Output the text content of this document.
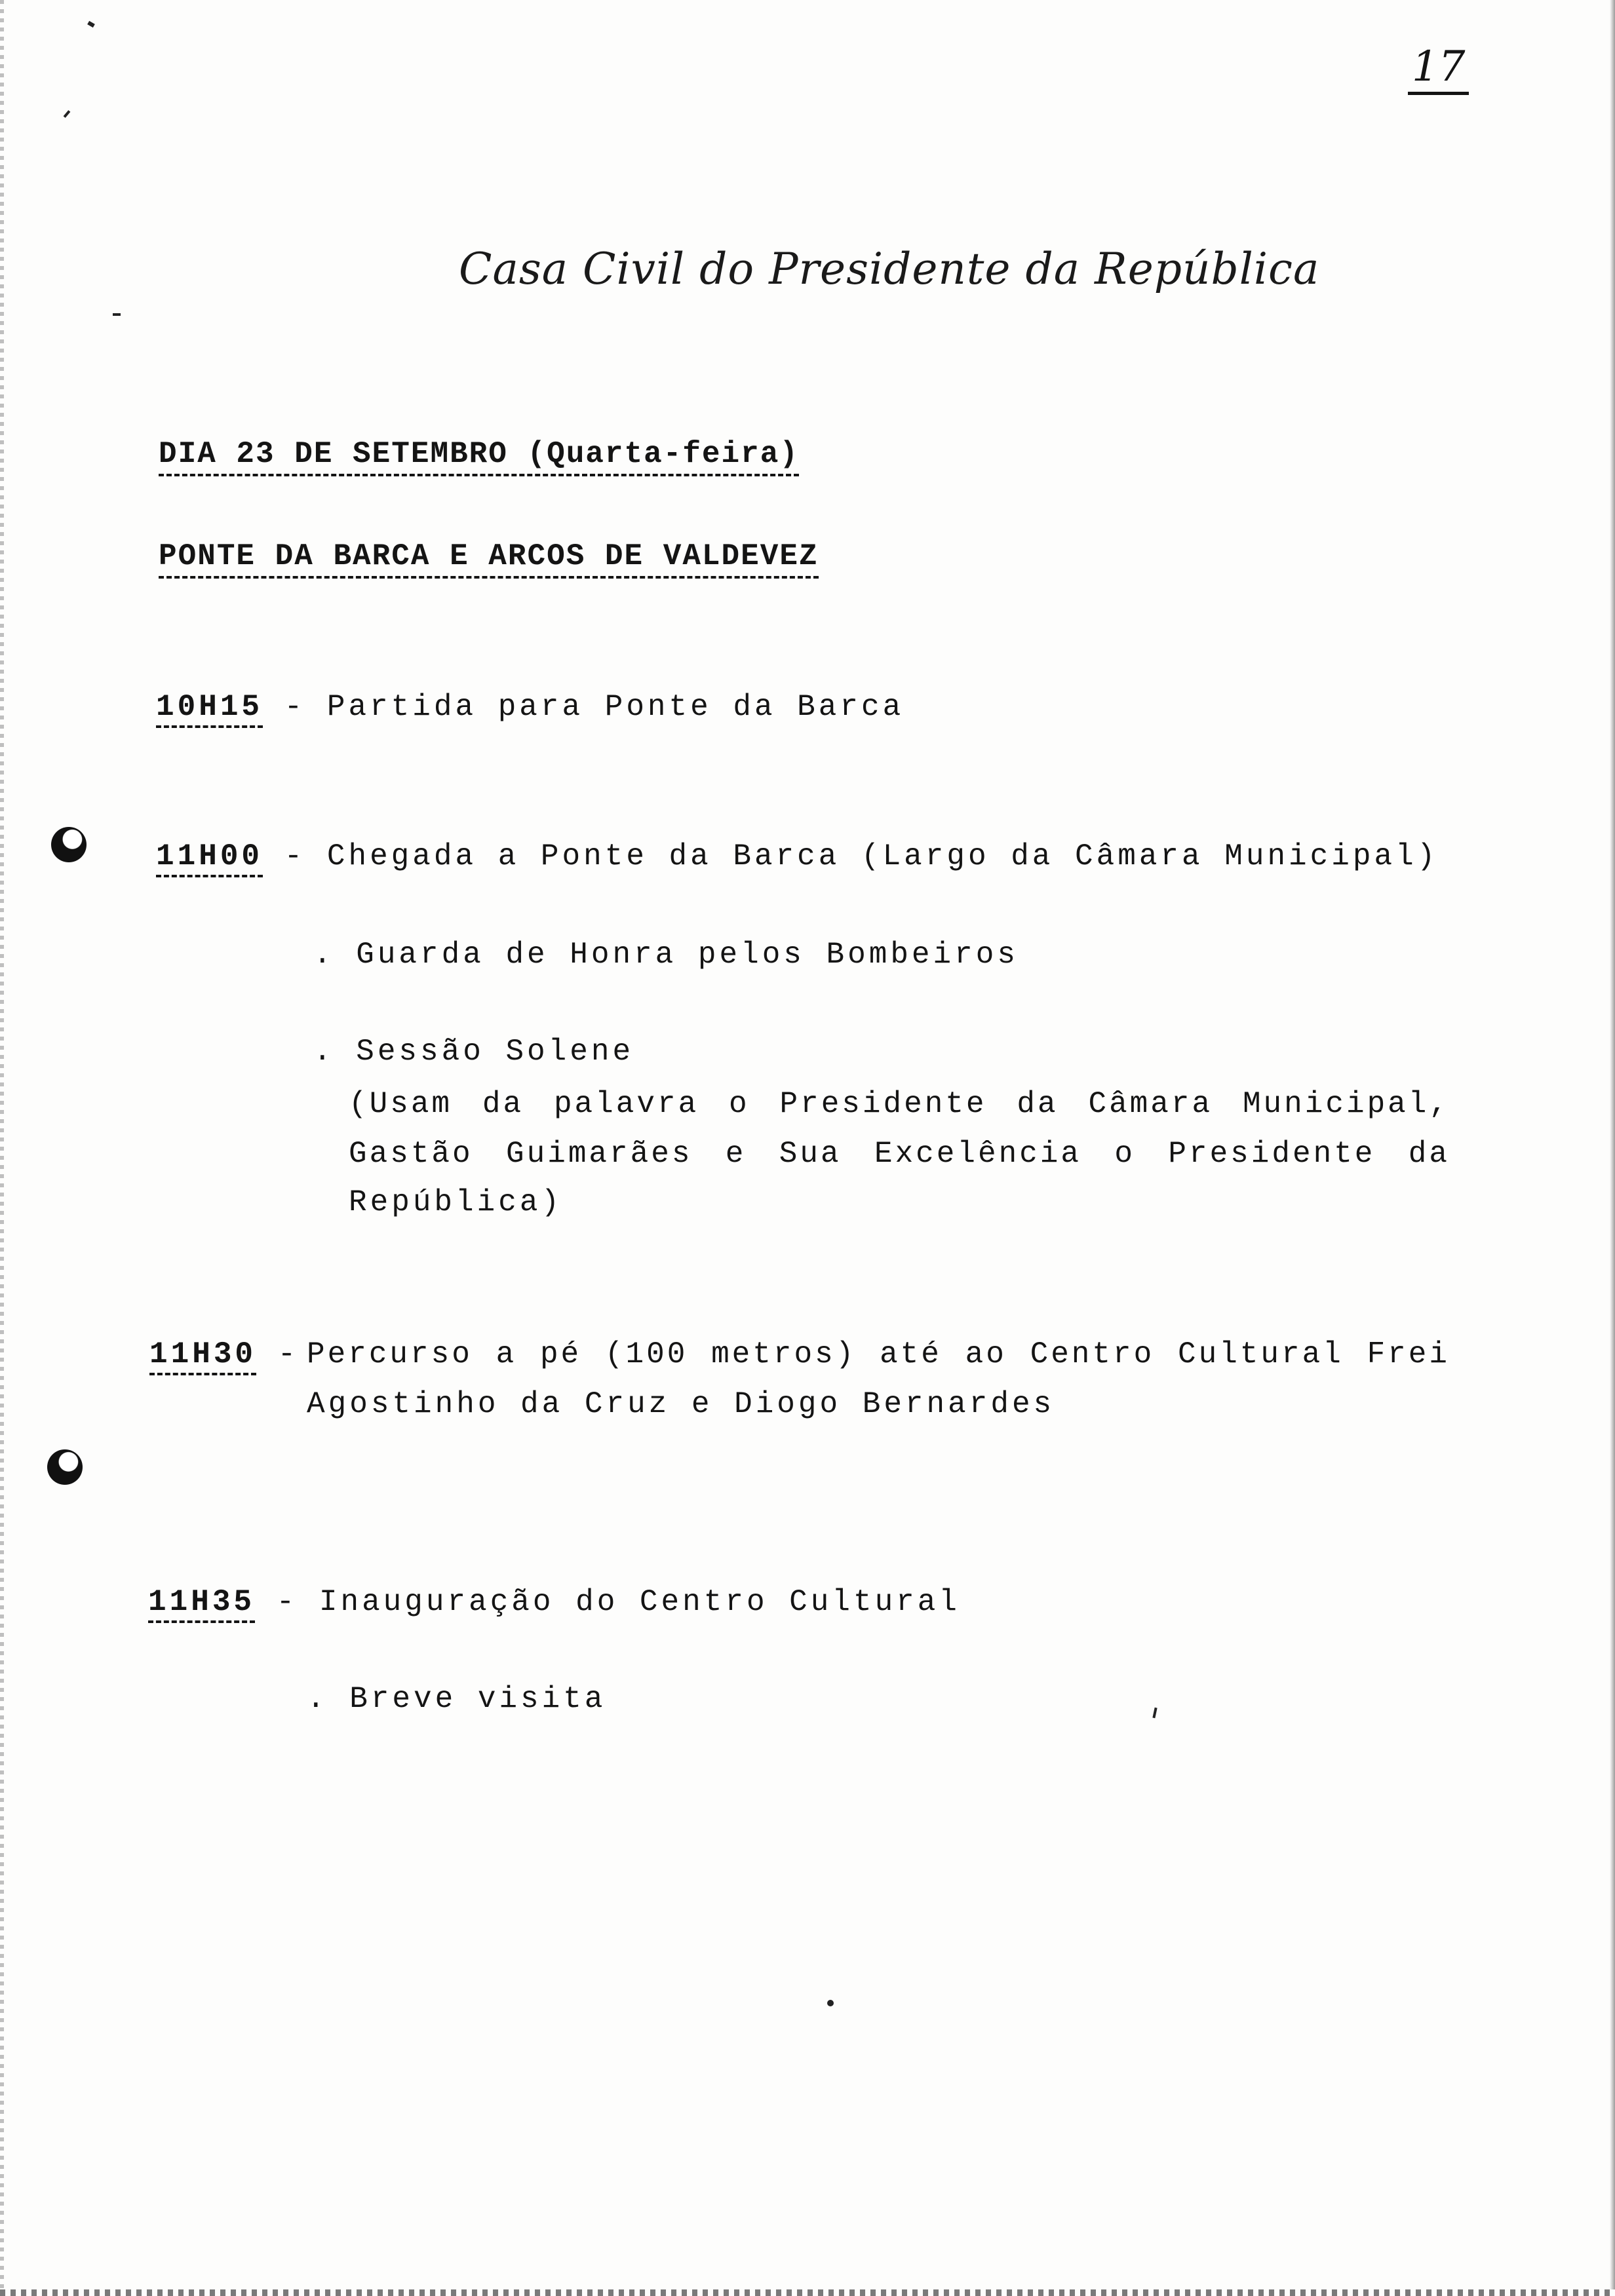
17
Casa Civil do Presidente da República
DIA 23 DE SETEMBRO (Quarta-feira)
PONTE DA BARCA E ARCOS DE VALDEVEZ
10H15 - Partida para Ponte da Barca
11H00 - Chegada a Ponte da Barca (Largo da Câmara Municipal)
. Guarda de Honra pelos Bombeiros
. Sessão Solene
(Usam da palavra o Presidente da Câmara Municipal,
Gastão Guimarães e Sua Excelência o Presidente da
República)
11H30 - Percurso a pé (100 metros) até ao Centro Cultural Frei
Agostinho da Cruz e Diogo Bernardes
11H35 - Inauguração do Centro Cultural
. Breve visita
